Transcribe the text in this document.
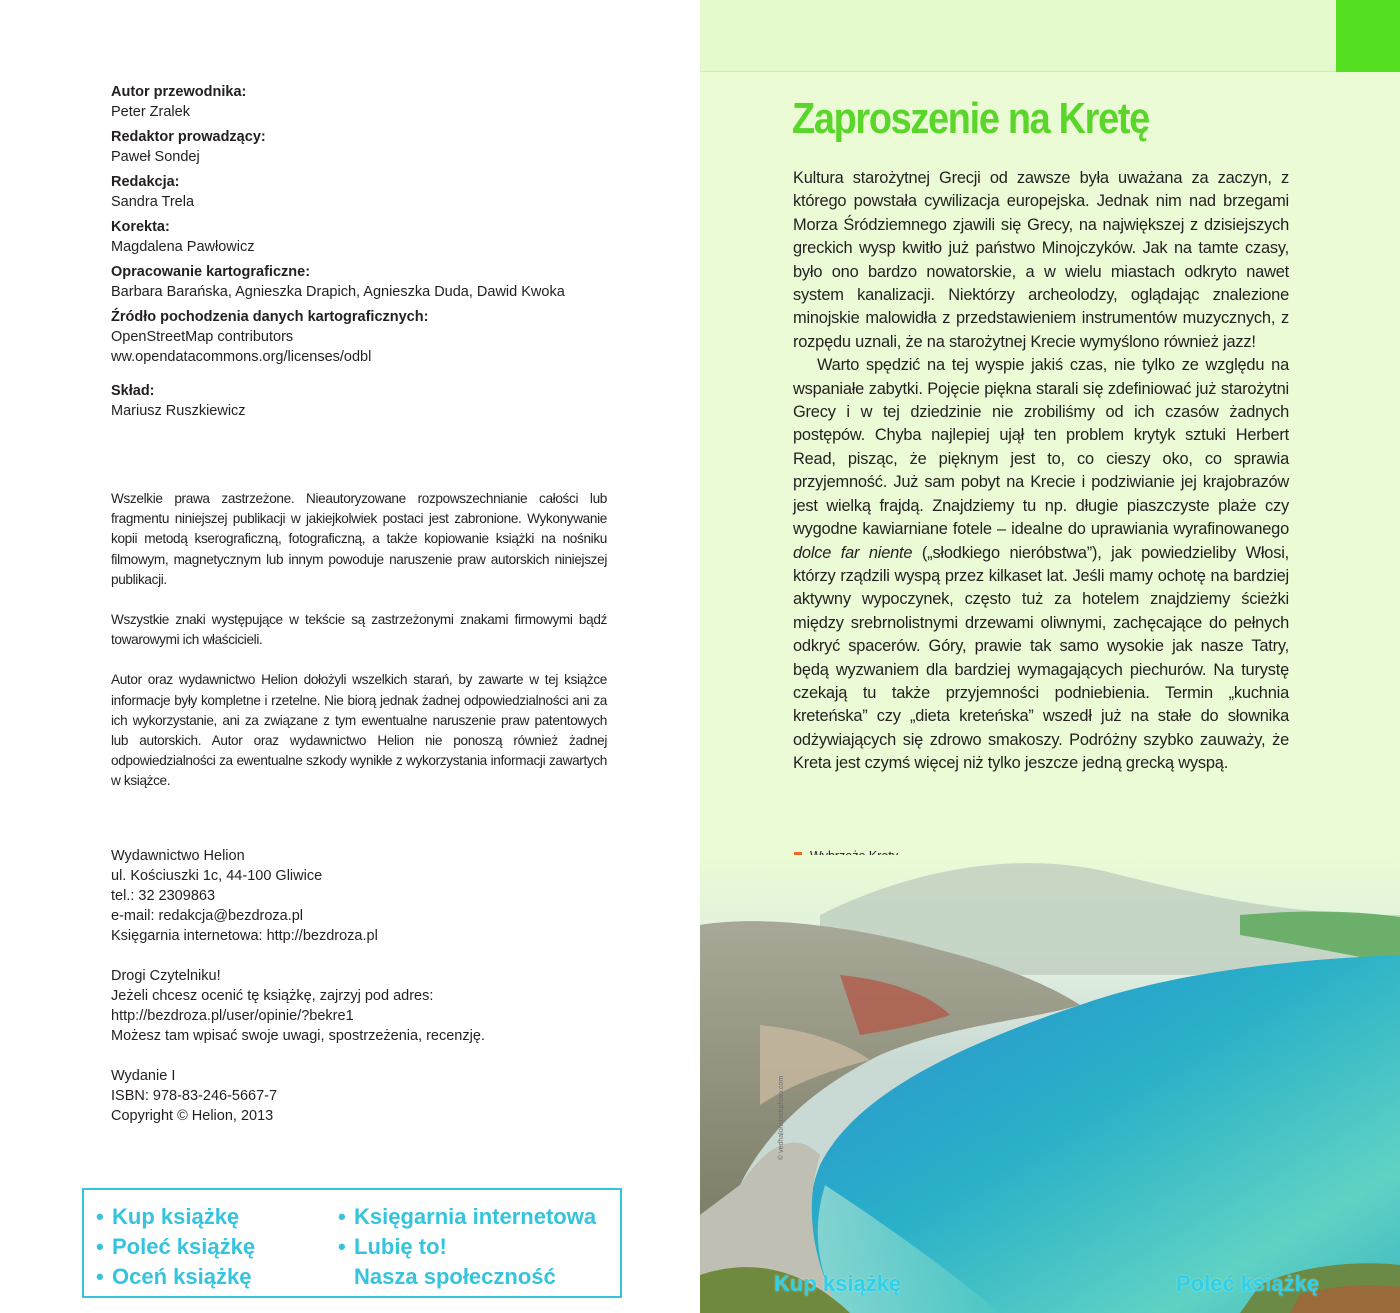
Autor przewodnika:
Peter Zralek
Redaktor prowadzący:
Paweł Sondej
Redakcja:
Sandra Trela
Korekta:
Magdalena Pawłowicz
Opracowanie kartograficzne:
Barbara Barańska, Agnieszka Drapich, Agnieszka Duda, Dawid Kwoka
Źródło pochodzenia danych kartograficznych:
OpenStreetMap contributors
ww.opendatacommons.org/licenses/odbl
Skład:
Mariusz Ruszkiewicz

Wszelkie prawa zastrzeżone. Nieautoryzowane rozpowszechnianie całości lub fragmentu niniejszej publikacji w jakiejkolwiek postaci jest zabronione. Wykonywanie kopii metodą kserograficzną, fotograficzną, a także kopiowanie książki na nośniku filmowym, magnetycznym lub innym powoduje naruszenie praw autorskich niniejszej publikacji.

Wszystkie znaki występujące w tekście są zastrzeżonymi znakami firmowymi bądź towarowymi ich właścicieli.

Autor oraz wydawnictwo Helion dołożyli wszelkich starań, by zawarte w tej książce informacje były kompletne i rzetelne. Nie biorą jednak żadnej odpowiedzialności ani za ich wykorzystanie, ani za związane z tym ewentualne naruszenie praw patentowych lub autorskich. Autor oraz wydawnictwo Helion nie ponoszą również żadnej odpowiedzialności za ewentualne szkody wynikłe z wykorzystania informacji zawartych w książce.

Wydawnictwo Helion
ul. Kościuszki 1c, 44-100 Gliwice
tel.: 32 2309863
e-mail: redakcja@bezdroza.pl
Księgarnia internetowa: http://bezdroza.pl
Drogi Czytelniku!
Jeżeli chcesz ocenić tę książkę, zajrzyj pod adres:
http://bezdroza.pl/user/opinie/?bekre1
Możesz tam wpisać swoje uwagi, spostrzeżenia, recenzję.
Wydanie I
ISBN: 978-83-246-5667-7
Copyright © Helion, 2013
• Kup książkę
• Poleć książkę
• Oceń książkę
• Księgarnia internetowa
• Lubię to!
Nasza społeczność
Zaproszenie na Kretę

Kultura starożytnej Grecji od zawsze była uważana za zaczyn, z którego powstała cywilizacja europejska. Jednak nim nad brzegami Morza Śródziemnego zjawili się Grecy, na największej z dzisiejszych greckich wysp kwitło już państwo Minojczyków. Jak na tamte czasy, było ono bardzo nowatorskie, a w wielu miastach odkryto nawet system kanalizacji. Niektórzy archeolodzy, oglądając znalezione minojskie malowidła z przedstawieniem instrumentów muzycznych, z rozpędu uznali, że na starożytnej Krecie wymyślono również jazz!

Warto spędzić na tej wyspie jakiś czas, nie tylko ze względu na wspaniałe zabytki. Pojęcie piękna starali się zdefiniować już starożytni Grecy i w tej dziedzinie nie zrobiliśmy od ich czasów żadnych postępów. Chyba najlepiej ujął ten problem krytyk sztuki Herbert Read, pisząc, że pięknym jest to, co cieszy oko, co sprawia przyjemność. Już sam pobyt na Krecie i podziwianie jej krajobrazów jest wielką frajdą. Znajdziemy tu np. długie piaszczyste plaże czy wygodne kawiarniane fotele – idealne do uprawiania wyrafinowanego dolce far niente („słodkiego nieróbstwa”), jak powiedzieliby Włosi, którzy rządzili wyspą przez kilkaset lat. Jeśli mamy ochotę na bardziej aktywny wypoczynek, często tuż za hotelem znajdziemy ścieżki między srebrnolistnymi drzewami oliwnymi, zachęcające do pełnych odkryć spacerów. Góry, prawie tak samo wysokie jak nasze Tatry, będą wyzwaniem dla bardziej wymagających piechurów. Na turystę czekają tu także przyjemności podniebienia. Termin „kuchnia kreteńska” czy „dieta kreteńska” wszedł już na stałe do słownika odżywiających się zdrowo smakoszy. Podróżny szybko zauważy, że Kreta jest czymś więcej niż tylko jeszcze jedną grecką wyspą.

© vedhalo/istockphoto.com
Kup książkę	Poleć książkę
